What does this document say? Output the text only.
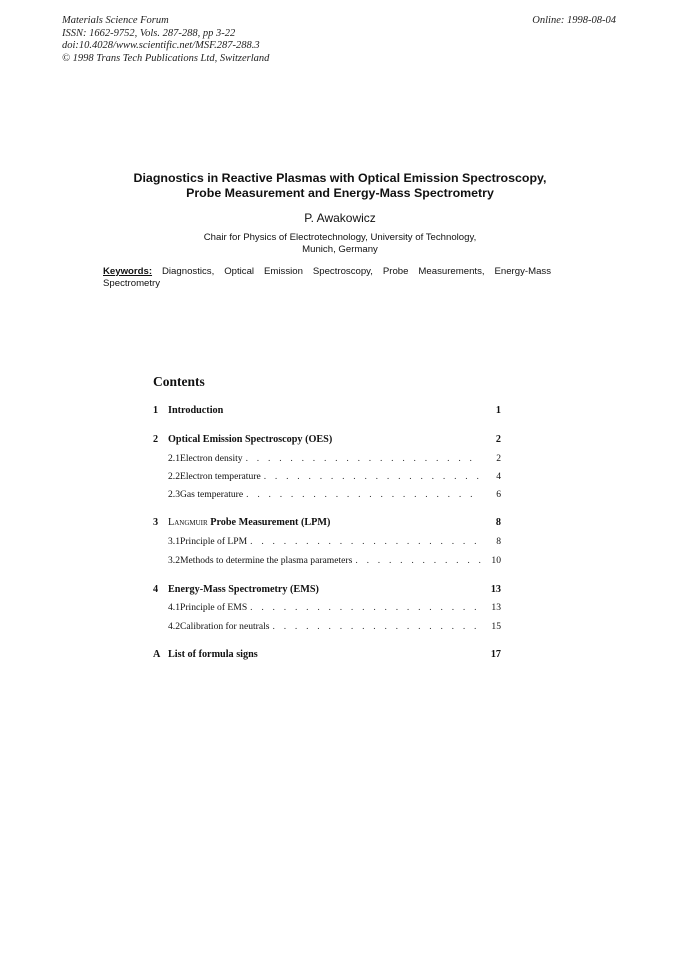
Materials Science Forum
ISSN: 1662-9752, Vols. 287-288, pp 3-22
doi:10.4028/www.scientific.net/MSF.287-288.3
© 1998 Trans Tech Publications Ltd, Switzerland
Online: 1998-08-04
Diagnostics in Reactive Plasmas with Optical Emission Spectroscopy,
Probe Measurement and Energy-Mass Spectrometry
P. Awakowicz
Chair for Physics of Electrotechnology, University of Technology,
Munich, Germany
Keywords: Diagnostics, Optical Emission Spectroscopy, Probe Measurements, Energy-Mass Spectrometry
Contents
1 Introduction	1
2 Optical Emission Spectroscopy (OES)	2
2.1 Electron density . . .	2
2.2 Electron temperature . . .	4
2.3 Gas temperature . . .	6
3 Langmuir Probe Measurement (LPM)	8
3.1 Principle of LPM . . .	8
3.2 Methods to determine the plasma parameters . . .	10
4 Energy-Mass Spectrometry (EMS)	13
4.1 Principle of EMS . . .	13
4.2 Calibration for neutrals . . .	15
A List of formula signs	17
